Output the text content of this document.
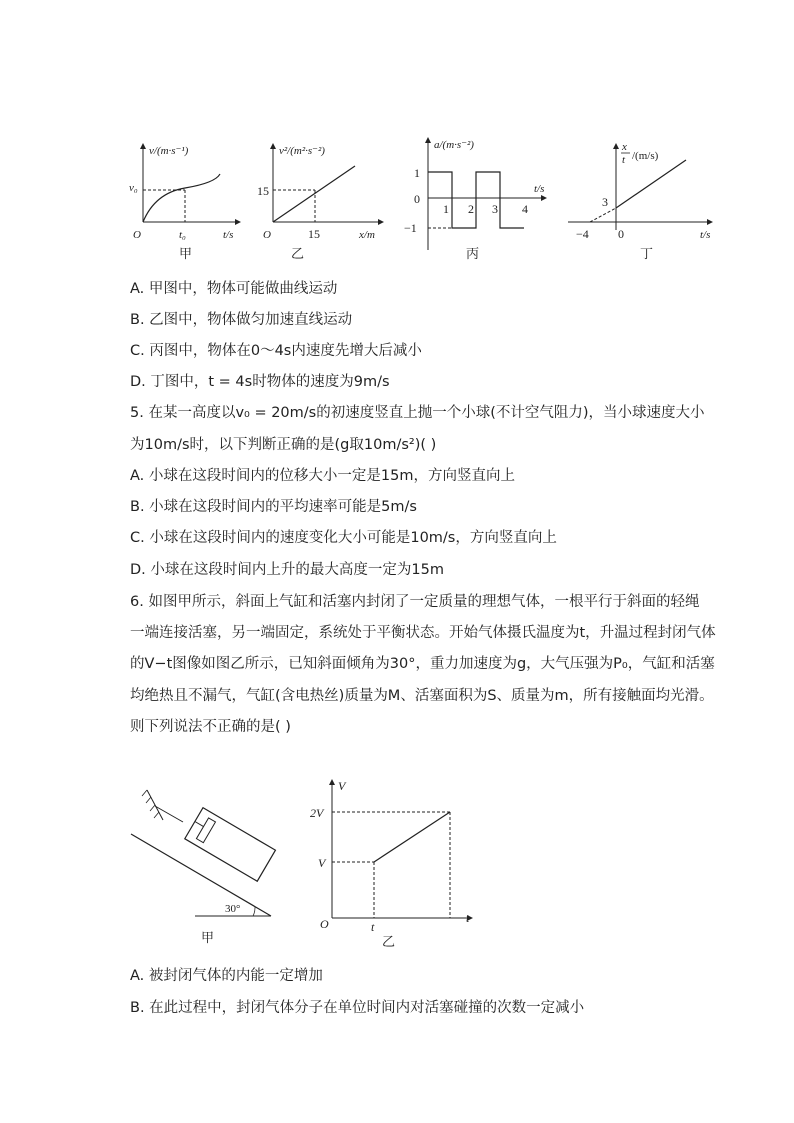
v/(m·s⁻¹)
v₀
t₀	t/s
O
甲
v²/(m²·s⁻²)
15
15	x/m
O
乙
a/(m·s⁻²)
1
0
−1
1 2 3 4
t/s
丙
x
t /(m/s)
3
−4 0	t/s
丁
A. 甲图中，物体可能做曲线运动
B. 乙图中，物体做匀加速直线运动
C. 丙图中，物体在0～4s内速度先增大后减小
D. 丁图中，t = 4s时物体的速度为9m/s
5. 在某一高度以v₀ = 20m/s的初速度竖直上抛一个小球(不计空气阻力)，当小球速度大小
为10m/s时，以下判断正确的是(g取10m/s²)( )
A. 小球在这段时间内的位移大小一定是15m，方向竖直向上
B. 小球在这段时间内的平均速率可能是5m/s
C. 小球在这段时间内的速度变化大小可能是10m/s，方向竖直向上
D. 小球在这段时间内上升的最大高度一定为15m
6. 如图甲所示，斜面上气缸和活塞内封闭了一定质量的理想气体，一根平行于斜面的轻绳
一端连接活塞，另一端固定，系统处于平衡状态。开始气体摄氏温度为t，升温过程封闭气体
的V−t图像如图乙所示，已知斜面倾角为30°，重力加速度为g，大气压强为P₀，气缸和活塞
均绝热且不漏气，气缸(含电热丝)质量为M、活塞面积为S、质量为m，所有接触面均光滑。
则下列说法不正确的是( )
30°
甲
V
2V
V
O	t
t
乙
A. 被封闭气体的内能一定增加
B. 在此过程中，封闭气体分子在单位时间内对活塞碰撞的次数一定减小
